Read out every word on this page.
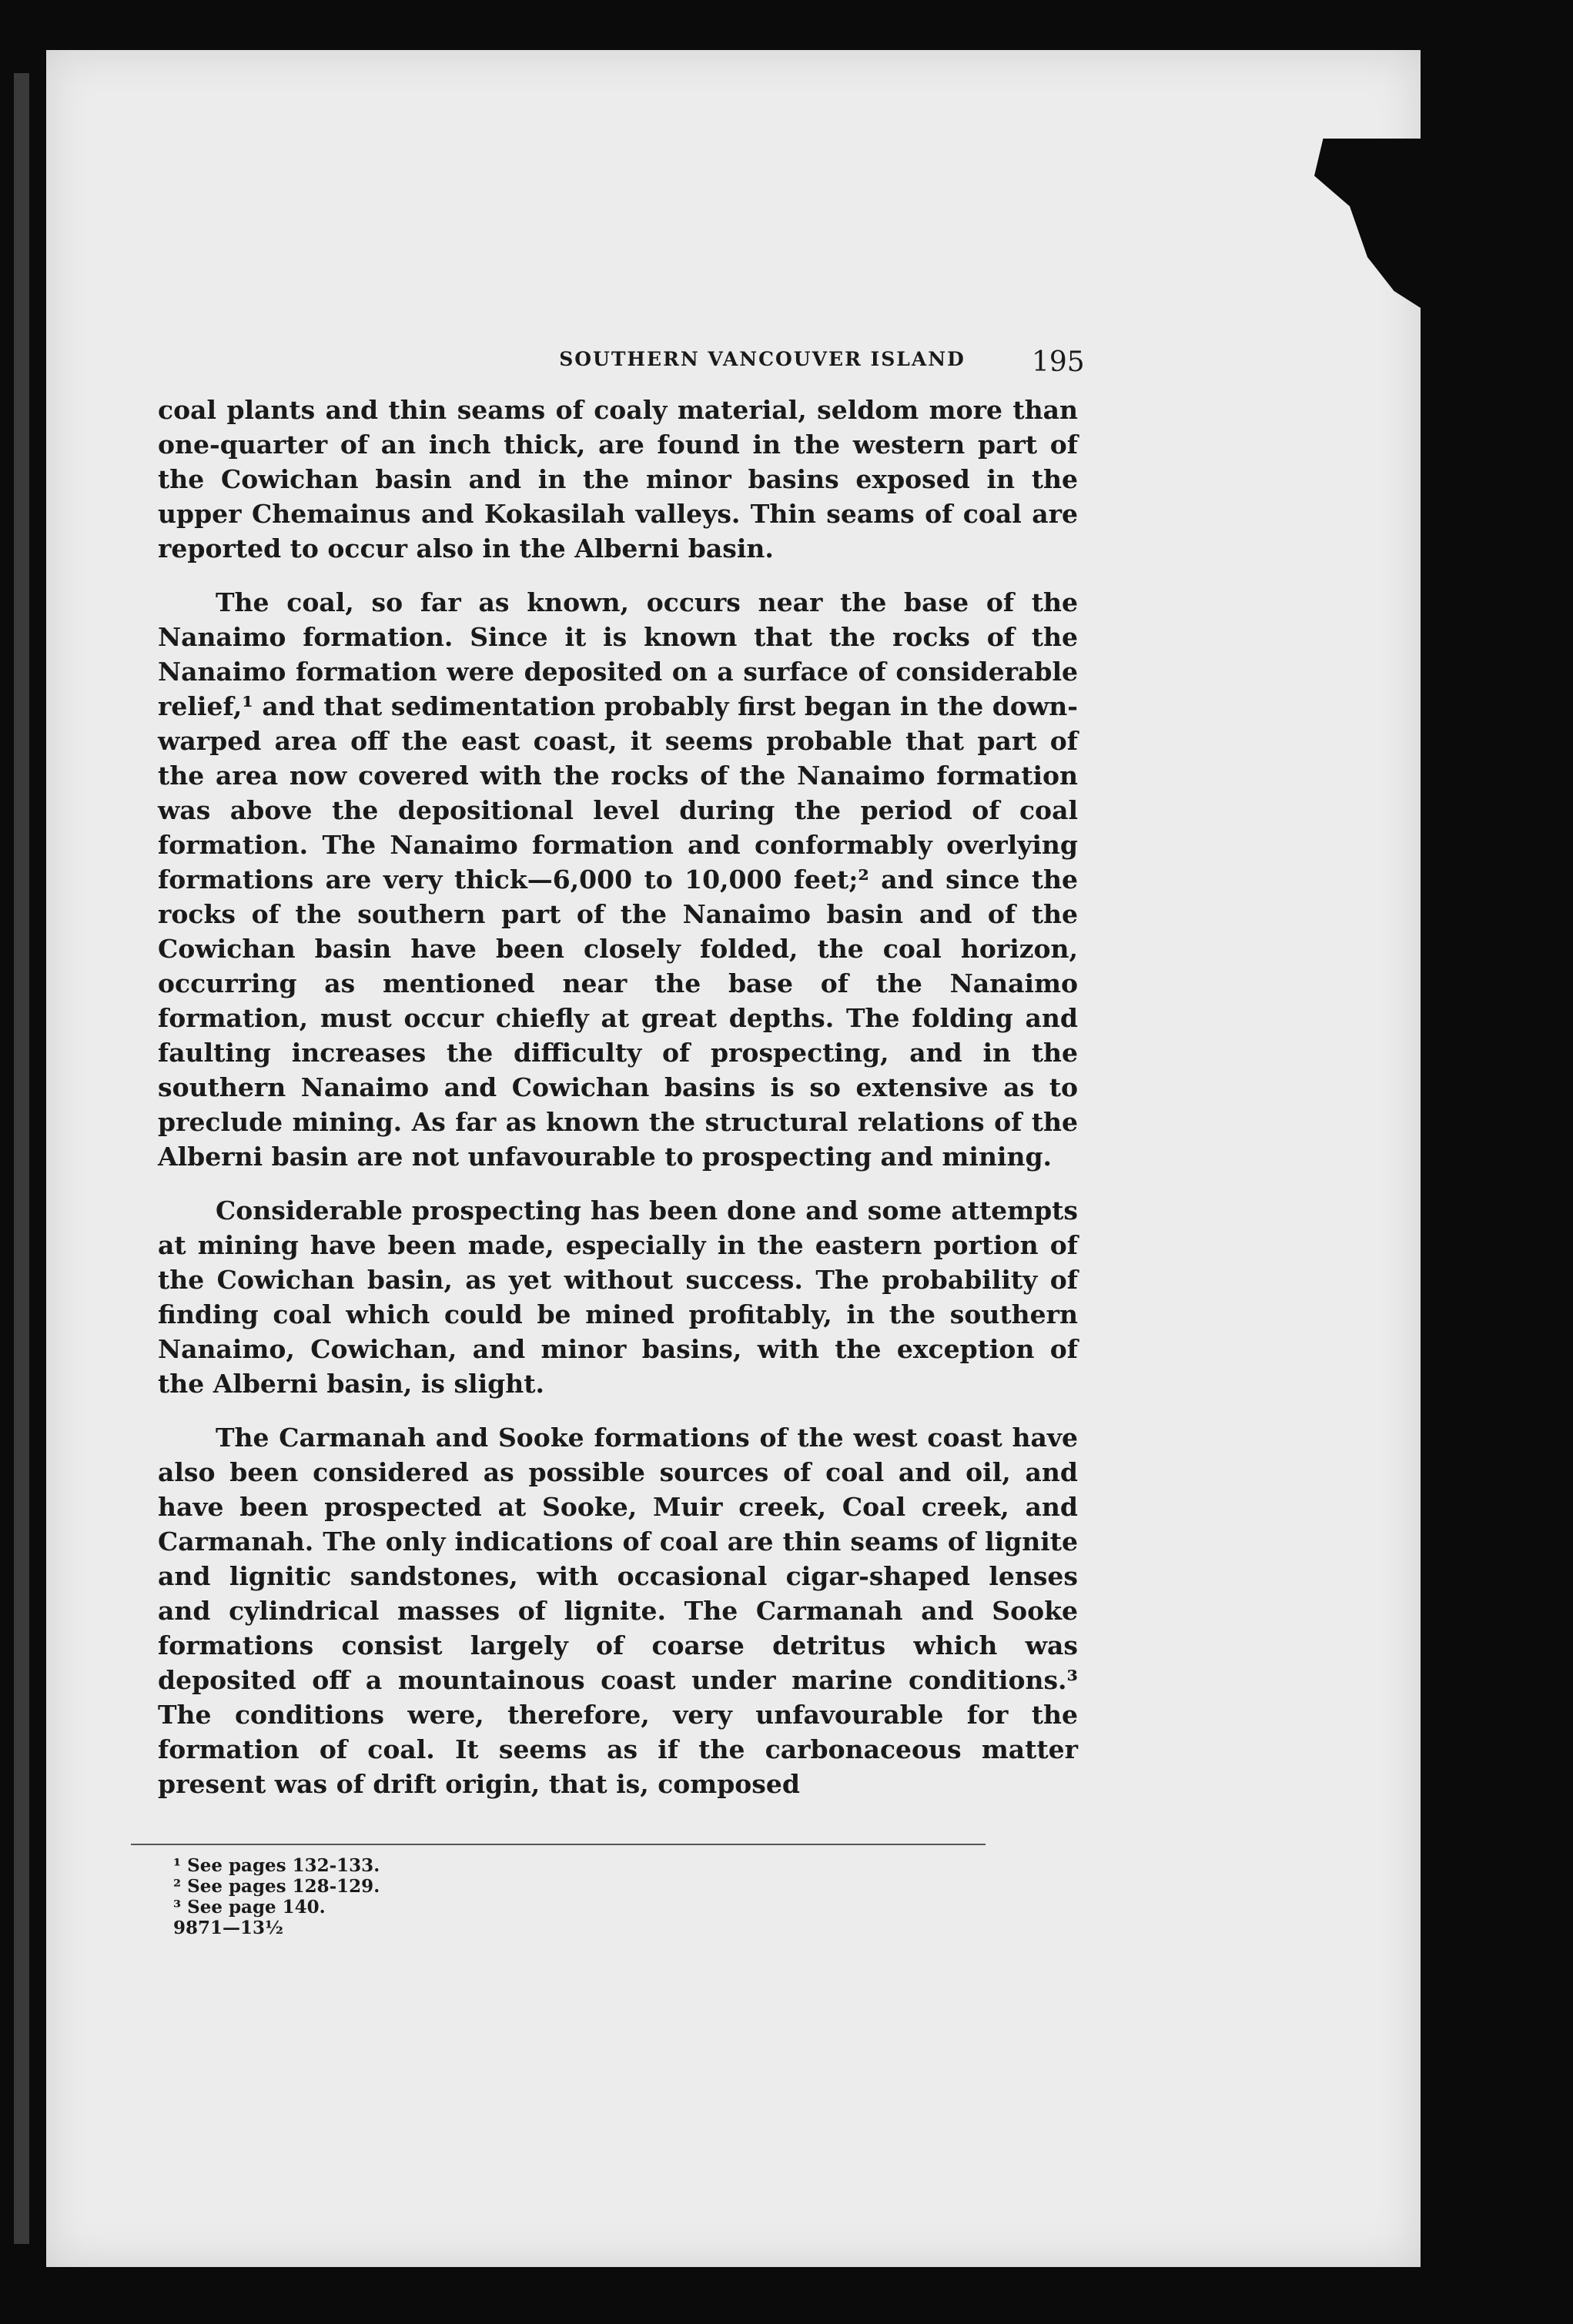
SOUTHERN VANCOUVER ISLAND	195

coal plants and thin seams of coaly material, seldom more than one-quarter of an inch thick, are found in the western part of the Cowichan basin and in the minor basins exposed in the upper Chemainus and Kokasilah valleys. Thin seams of coal are reported to occur also in the Alberni basin.

The coal, so far as known, occurs near the base of the Nanaimo formation. Since it is known that the rocks of the Nanaimo formation were deposited on a surface of considerable relief,¹ and that sedimentation probably first began in the down-warped area off the east coast, it seems probable that part of the area now covered with the rocks of the Nanaimo formation was above the depositional level during the period of coal formation. The Nanaimo formation and conformably overlying formations are very thick—6,000 to 10,000 feet;² and since the rocks of the southern part of the Nanaimo basin and of the Cowichan basin have been closely folded, the coal horizon, occurring as mentioned near the base of the Nanaimo formation, must occur chiefly at great depths. The folding and faulting increases the difficulty of prospecting, and in the southern Nanaimo and Cowichan basins is so extensive as to preclude mining. As far as known the structural relations of the Alberni basin are not unfavourable to prospecting and mining.

Considerable prospecting has been done and some attempts at mining have been made, especially in the eastern portion of the Cowichan basin, as yet without success. The probability of finding coal which could be mined profitably, in the southern Nanaimo, Cowichan, and minor basins, with the exception of the Alberni basin, is slight.

The Carmanah and Sooke formations of the west coast have also been considered as possible sources of coal and oil, and have been prospected at Sooke, Muir creek, Coal creek, and Carmanah. The only indications of coal are thin seams of lignite and lignitic sandstones, with occasional cigar-shaped lenses and cylindrical masses of lignite. The Carmanah and Sooke formations consist largely of coarse detritus which was deposited off a mountainous coast under marine conditions.³ The conditions were, therefore, very unfavourable for the formation of coal. It seems as if the carbonaceous matter present was of drift origin, that is, composed

¹ See pages 132-133.
² See pages 128-129.
³ See page 140.
9871—13½
